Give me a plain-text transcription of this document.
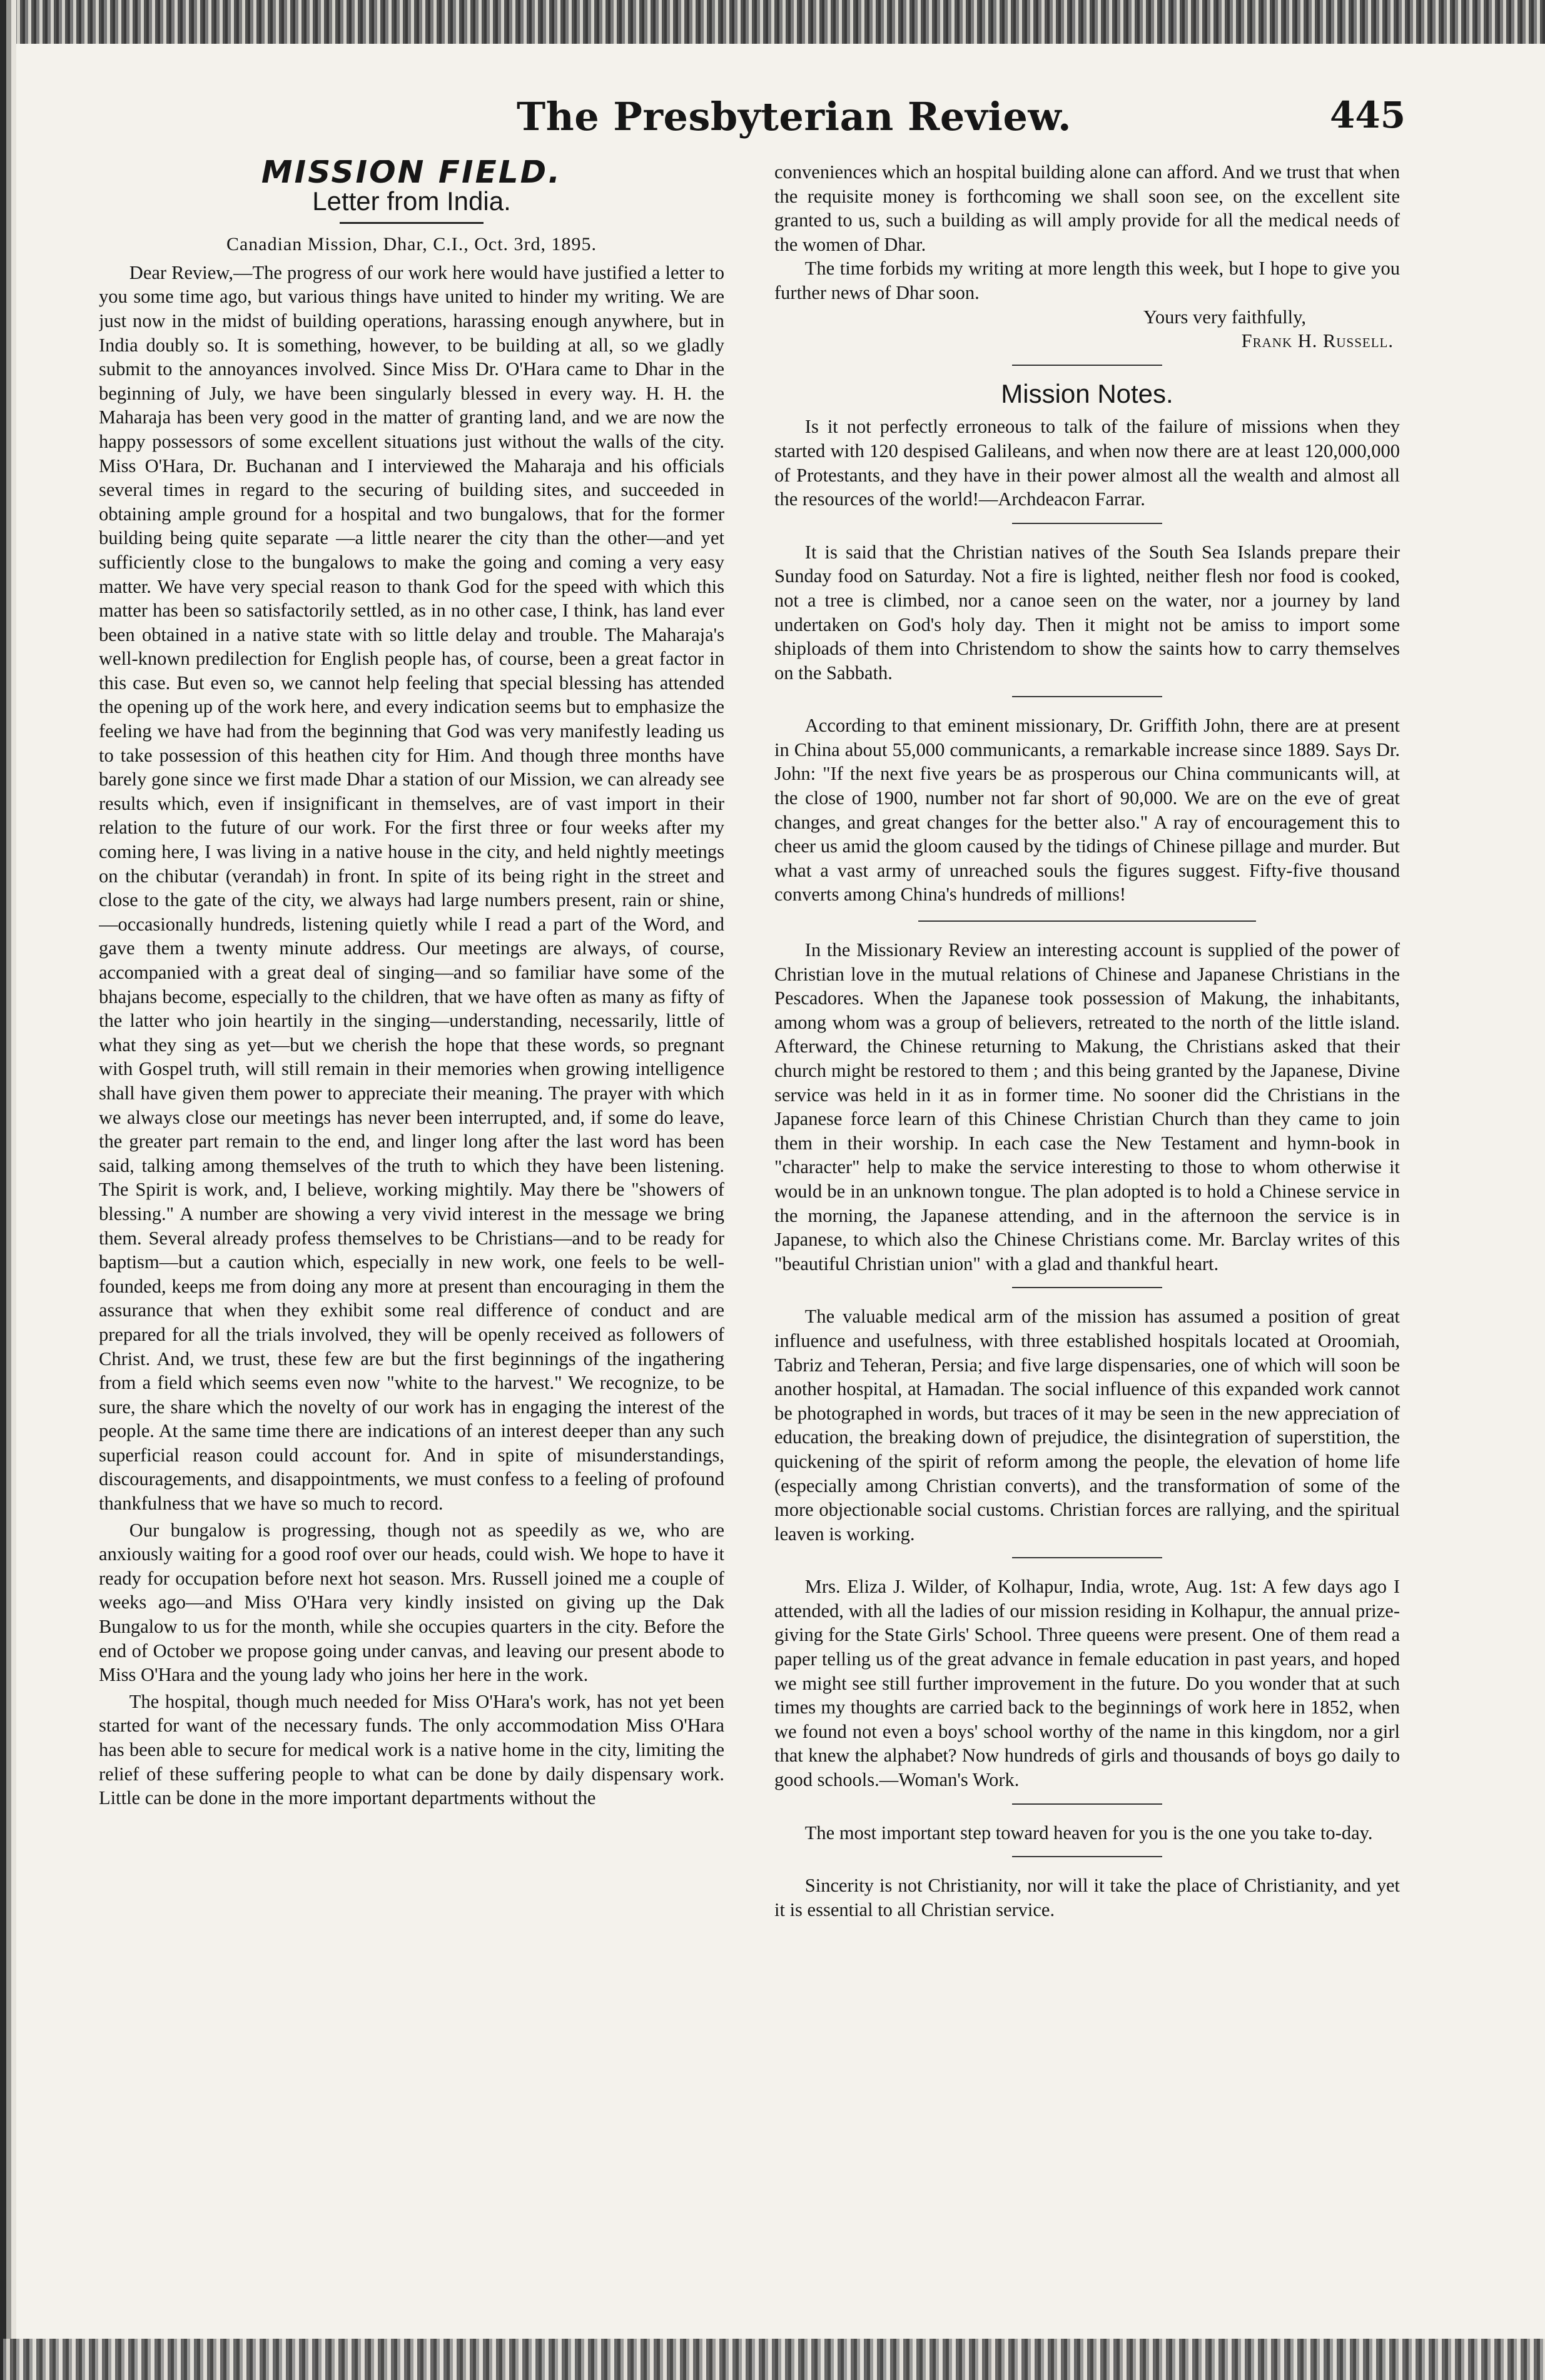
The Presbyterian Review.	445
MISSION FIELD.
Letter from India.
Canadian Mission, Dhar, C.I., Oct. 3rd, 1895.

Dear Review,—The progress of our work here would have justified a letter to you some time ago, but various things have united to hinder my writing. We are just now in the midst of building operations, harassing enough anywhere, but in India doubly so. It is something, however, to be building at all, so we gladly submit to the annoyances involved. Since Miss Dr. O'Hara came to Dhar in the beginning of July, we have been singularly blessed in every way. H. H. the Maharaja has been very good in the matter of granting land, and we are now the happy possessors of some excellent situations just without the walls of the city. Miss O'Hara, Dr. Buchanan and I interviewed the Maharaja and his officials several times in regard to the securing of building sites, and succeeded in obtaining ample ground for a hospital and two bungalows, that for the former building being quite separate —a little nearer the city than the other—and yet sufficiently close to the bungalows to make the going and coming a very easy matter. We have very special reason to thank God for the speed with which this matter has been so satisfactorily settled, as in no other case, I think, has land ever been obtained in a native state with so little delay and trouble. The Maharaja's well-known predilection for English people has, of course, been a great factor in this case. But even so, we cannot help feeling that special blessing has attended the opening up of the work here, and every indication seems but to emphasize the feeling we have had from the beginning that God was very manifestly leading us to take possession of this heathen city for Him. And though three months have barely gone since we first made Dhar a station of our Mission, we can already see results which, even if insignificant in themselves, are of vast import in their relation to the future of our work. For the first three or four weeks after my coming here, I was living in a native house in the city, and held nightly meetings on the chibutar (verandah) in front. In spite of its being right in the street and close to the gate of the city, we always had large numbers present, rain or shine,—occasionally hundreds, listening quietly while I read a part of the Word, and gave them a twenty minute address. Our meetings are always, of course, accompanied with a great deal of singing—and so familiar have some of the bhajans become, especially to the children, that we have often as many as fifty of the latter who join heartily in the singing—understanding, necessarily, little of what they sing as yet—but we cherish the hope that these words, so pregnant with Gospel truth, will still remain in their memories when growing intelligence shall have given them power to appreciate their meaning. The prayer with which we always close our meetings has never been interrupted, and, if some do leave, the greater part remain to the end, and linger long after the last word has been said, talking among themselves of the truth to which they have been listening. The Spirit is work, and, I believe, working mightily. May there be "showers of blessing." A number are showing a very vivid interest in the message we bring them. Several already profess themselves to be Christians—and to be ready for baptism—but a caution which, especially in new work, one feels to be well-founded, keeps me from doing any more at present than encouraging in them the assurance that when they exhibit some real difference of conduct and are prepared for all the trials involved, they will be openly received as followers of Christ. And, we trust, these few are but the first beginnings of the ingathering from a field which seems even now "white to the harvest." We recognize, to be sure, the share which the novelty of our work has in engaging the interest of the people. At the same time there are indications of an interest deeper than any such superficial reason could account for. And in spite of misunderstandings, discouragements, and disappointments, we must confess to a feeling of profound thankfulness that we have so much to record.

Our bungalow is progressing, though not as speedily as we, who are anxiously waiting for a good roof over our heads, could wish. We hope to have it ready for occupation before next hot season. Mrs. Russell joined me a couple of weeks ago—and Miss O'Hara very kindly insisted on giving up the Dak Bungalow to us for the month, while she occupies quarters in the city. Before the end of October we propose going under canvas, and leaving our present abode to Miss O'Hara and the young lady who joins her here in the work.

The hospital, though much needed for Miss O'Hara's work, has not yet been started for want of the necessary funds. The only accommodation Miss O'Hara has been able to secure for medical work is a native home in the city, limiting the relief of these suffering people to what can be done by daily dispensary work. Little can be done in the more important departments without the

conveniences which an hospital building alone can afford. And we trust that when the requisite money is forthcoming we shall soon see, on the excellent site granted to us, such a building as will amply provide for all the medical needs of the women of Dhar.

The time forbids my writing at more length this week, but I hope to give you further news of Dhar soon.

Yours very faithfully,
Frank H. Russell.
Mission Notes.

Is it not perfectly erroneous to talk of the failure of missions when they started with 120 despised Galileans, and when now there are at least 120,000,000 of Protestants, and they have in their power almost all the wealth and almost all the resources of the world!—Archdeacon Farrar.

It is said that the Christian natives of the South Sea Islands prepare their Sunday food on Saturday. Not a fire is lighted, neither flesh nor food is cooked, not a tree is climbed, nor a canoe seen on the water, nor a journey by land undertaken on God's holy day. Then it might not be amiss to import some shiploads of them into Christendom to show the saints how to carry themselves on the Sabbath.

According to that eminent missionary, Dr. Griffith John, there are at present in China about 55,000 communicants, a remarkable increase since 1889. Says Dr. John: "If the next five years be as prosperous our China communicants will, at the close of 1900, number not far short of 90,000. We are on the eve of great changes, and great changes for the better also." A ray of encouragement this to cheer us amid the gloom caused by the tidings of Chinese pillage and murder. But what a vast army of unreached souls the figures suggest. Fifty-five thousand converts among China's hundreds of millions!

In the Missionary Review an interesting account is supplied of the power of Christian love in the mutual relations of Chinese and Japanese Christians in the Pescadores. When the Japanese took possession of Makung, the inhabitants, among whom was a group of believers, retreated to the north of the little island. Afterward, the Chinese returning to Makung, the Christians asked that their church might be restored to them ; and this being granted by the Japanese, Divine service was held in it as in former time. No sooner did the Christians in the Japanese force learn of this Chinese Christian Church than they came to join them in their worship. In each case the New Testament and hymn-book in "character" help to make the service interesting to those to whom otherwise it would be in an unknown tongue. The plan adopted is to hold a Chinese service in the morning, the Japanese attending, and in the afternoon the service is in Japanese, to which also the Chinese Christians come. Mr. Barclay writes of this "beautiful Christian union" with a glad and thankful heart.

The valuable medical arm of the mission has assumed a position of great influence and usefulness, with three established hospitals located at Oroomiah, Tabriz and Teheran, Persia; and five large dispensaries, one of which will soon be another hospital, at Hamadan. The social influence of this expanded work cannot be photographed in words, but traces of it may be seen in the new appreciation of education, the breaking down of prejudice, the disintegration of superstition, the quickening of the spirit of reform among the people, the elevation of home life (especially among Christian converts), and the transformation of some of the more objectionable social customs. Christian forces are rallying, and the spiritual leaven is working.

Mrs. Eliza J. Wilder, of Kolhapur, India, wrote, Aug. 1st: A few days ago I attended, with all the ladies of our mission residing in Kolhapur, the annual prize-giving for the State Girls' School. Three queens were present. One of them read a paper telling us of the great advance in female education in past years, and hoped we might see still further improvement in the future. Do you wonder that at such times my thoughts are carried back to the beginnings of work here in 1852, when we found not even a boys' school worthy of the name in this kingdom, nor a girl that knew the alphabet? Now hundreds of girls and thousands of boys go daily to good schools.—Woman's Work.

The most important step toward heaven for you is the one you take to-day.

Sincerity is not Christianity, nor will it take the place of Christianity, and yet it is essential to all Christian service.
